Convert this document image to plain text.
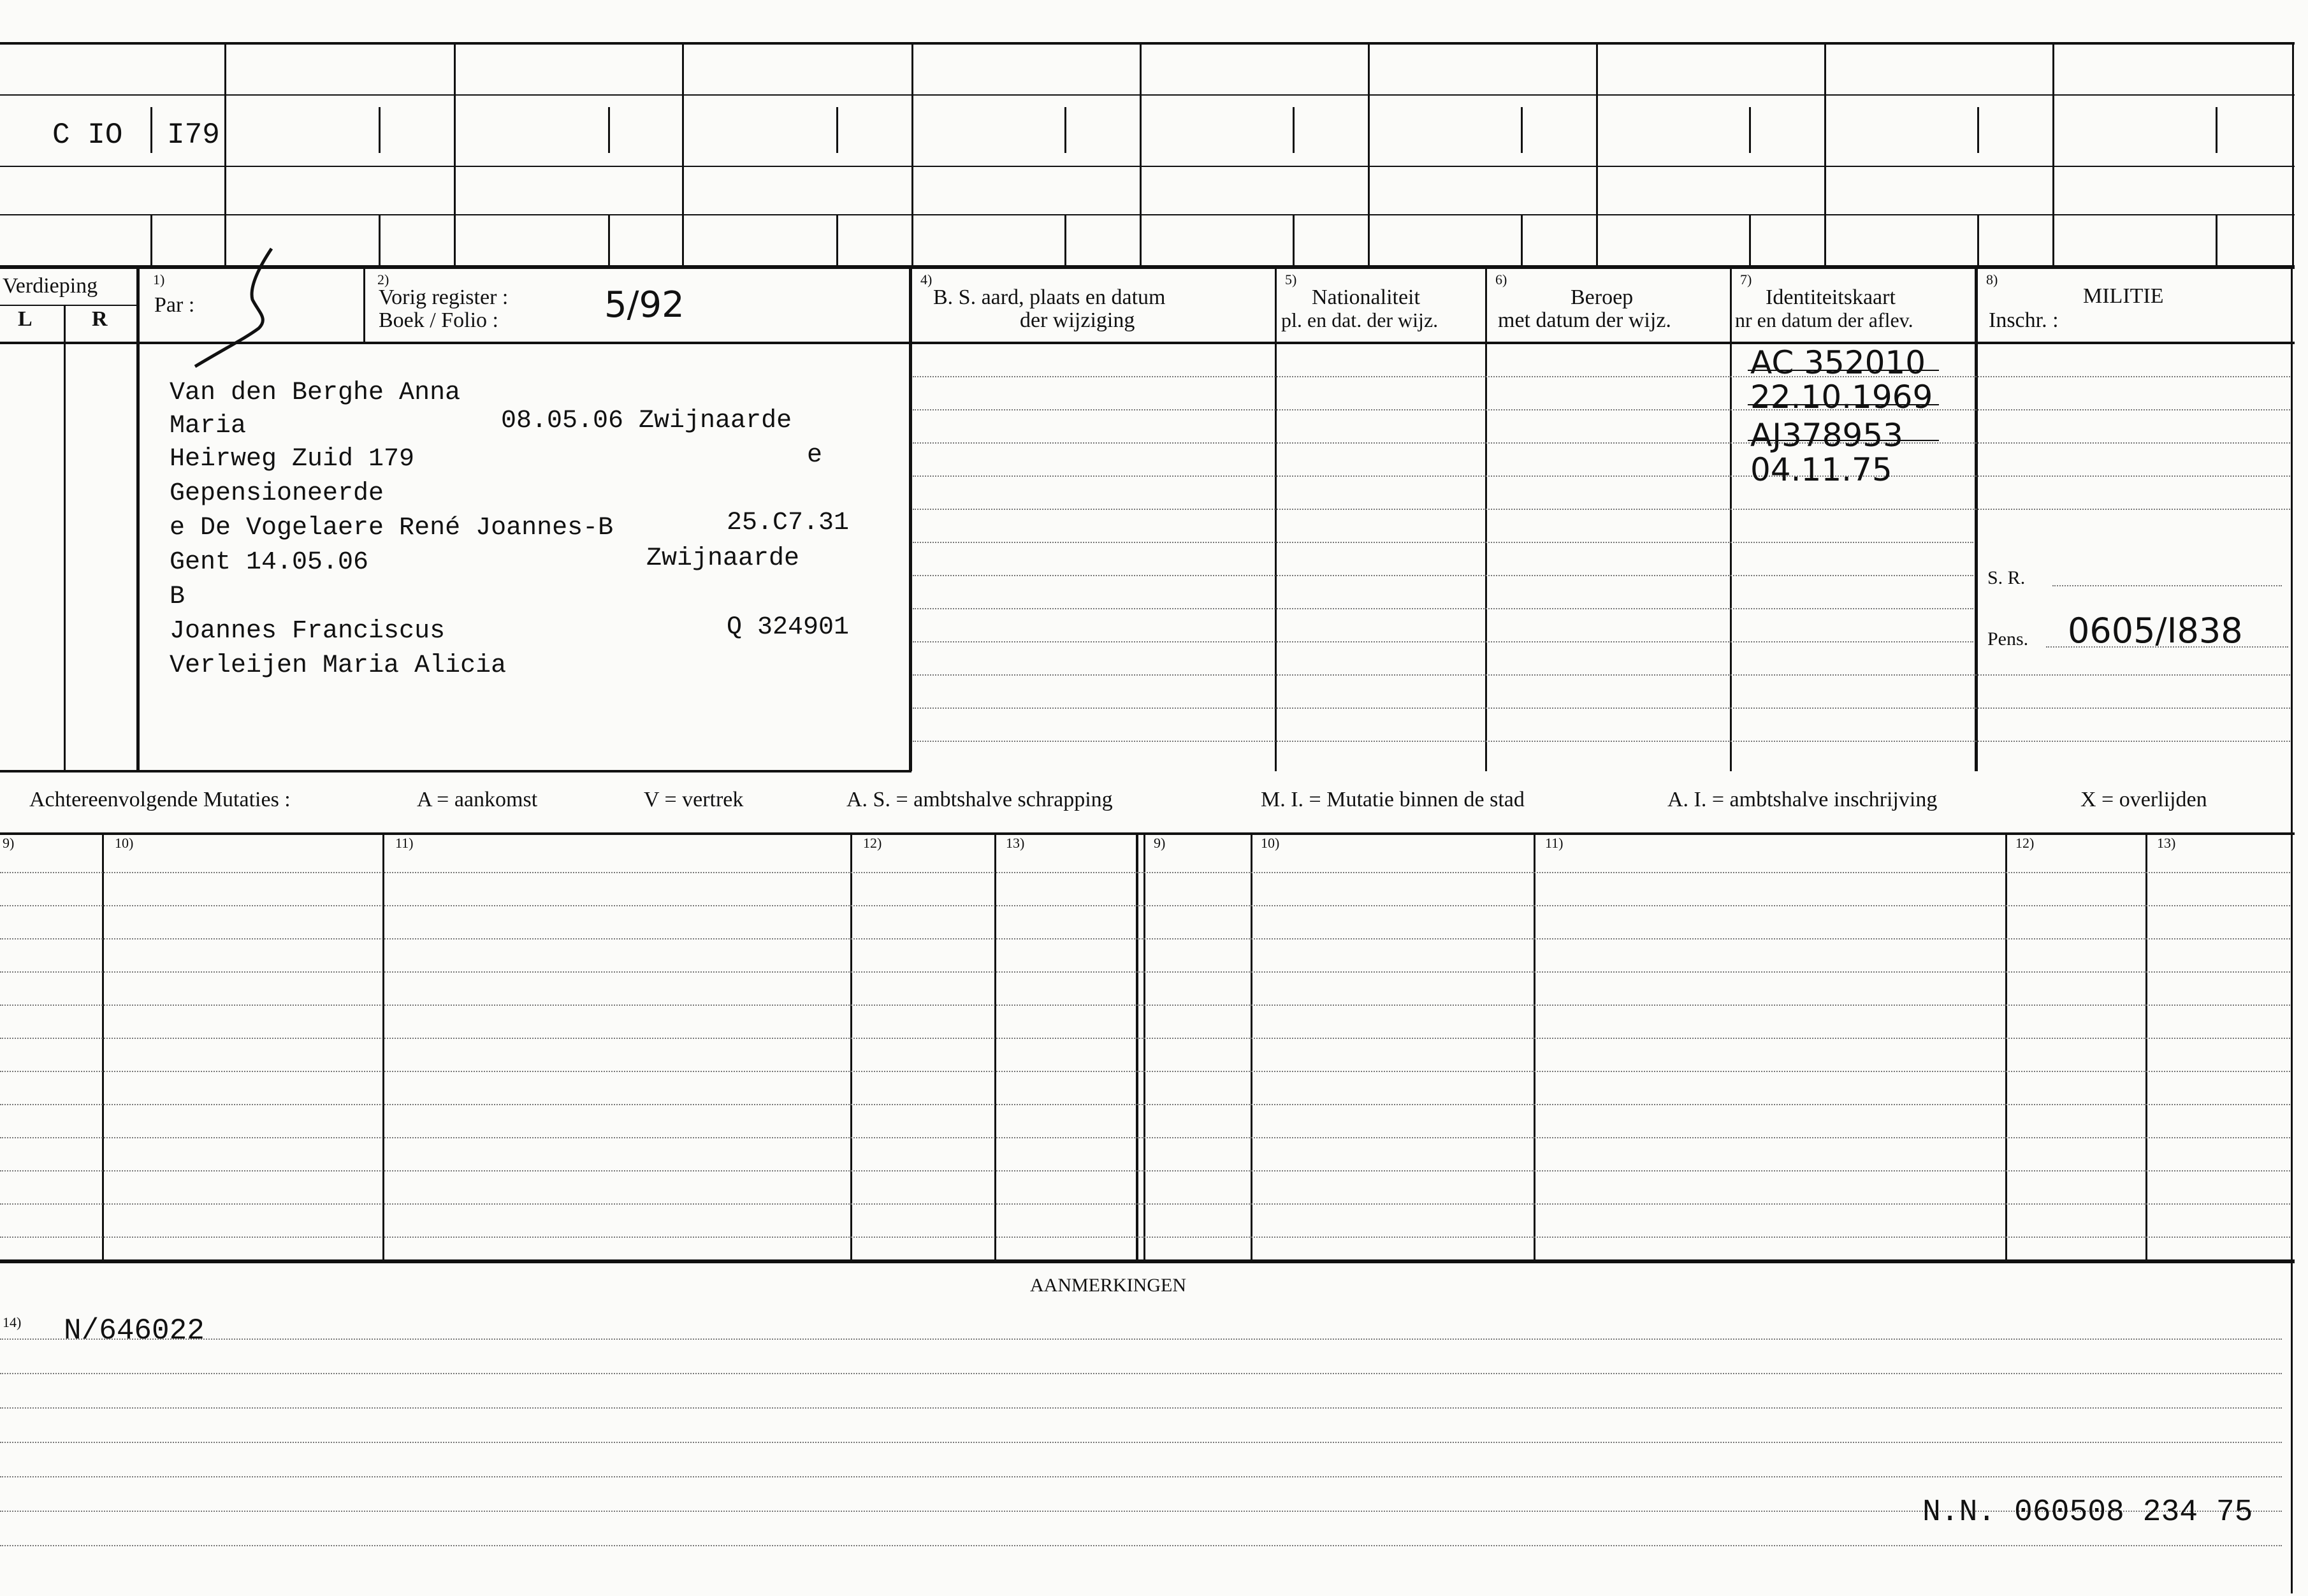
C IO I79
Verdieping
L	R
1)
Par :
2)
Vorig register :
Boek / Folio :	5/92
4)
B. S. aard, plaats en datum
der wijziging
5)
Nationaliteit
pl. en dat. der wijz.
6)
Beroep
met datum der wijz.
7)
Identiteitskaart
nr en datum der aflev.
8)
MILITIE
Inschr. :
S. R.
Pens. 0605/I838
Van den Berghe Anna
Maria	08.05.06 Zwijnaarde
Heirweg Zuid 179	e
Gepensioneerde
e De Vogelaere René Joannes-B	25.C7.31
Gent 14.05.06	Zwijnaarde
B
Joannes Franciscus	Q 324901
Verleijen Maria Alicia
AC 352010
22.10.1969
AJ378953
04.11.75
Achtereenvolgende Mutaties :	A = aankomst	V = vertrek	A. S. = ambtshalve schrapping	M. I. = Mutatie binnen de stad	A. I. = ambtshalve inschrijving	X = overlijden
9)	10)	11)	12)	13)	9)	10)	11)	12)	13)
AANMERKINGEN
14) N/646022
N.N. 060508 234 75
